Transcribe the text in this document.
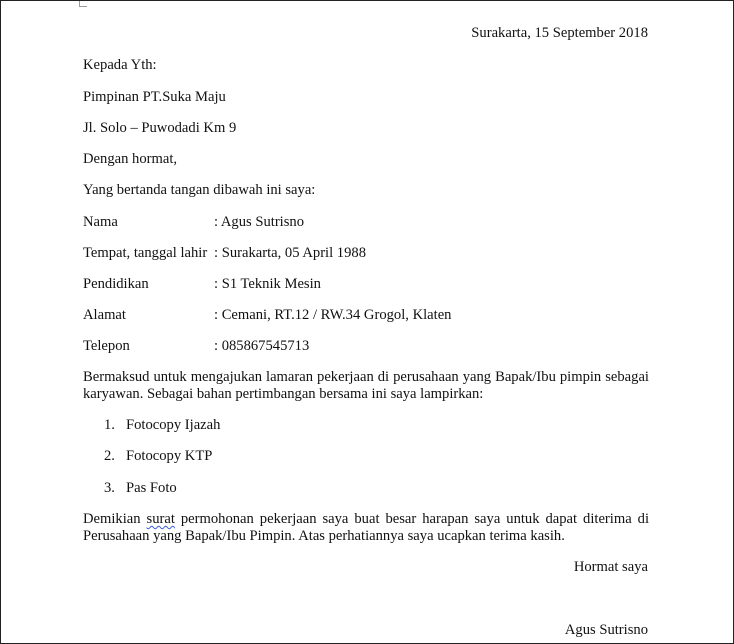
Surakarta, 15 September 2018
Kepada Yth:
Pimpinan PT.Suka Maju
Jl. Solo – Puwodadi Km 9
Dengan hormat,
Yang bertanda tangan dibawah ini saya:
Nama	: Agus Sutrisno
Tempat, tanggal lahir : Surakarta, 05 April 1988
Pendidikan	: S1 Teknik Mesin
Alamat	: Cemani, RT.12 / RW.34 Grogol, Klaten
Telepon	: 085867545713
Bermaksud untuk mengajukan lamaran pekerjaan di perusahaan yang Bapak/Ibu pimpin sebagai karyawan. Sebagai bahan pertimbangan bersama ini saya lampirkan:
1. Fotocopy Ijazah
2. Fotocopy KTP
3. Pas Foto
Demikian surat permohonan pekerjaan saya buat besar harapan saya untuk dapat diterima di Perusahaan yang Bapak/Ibu Pimpin. Atas perhatiannya saya ucapkan terima kasih.
Hormat saya
Agus Sutrisno
